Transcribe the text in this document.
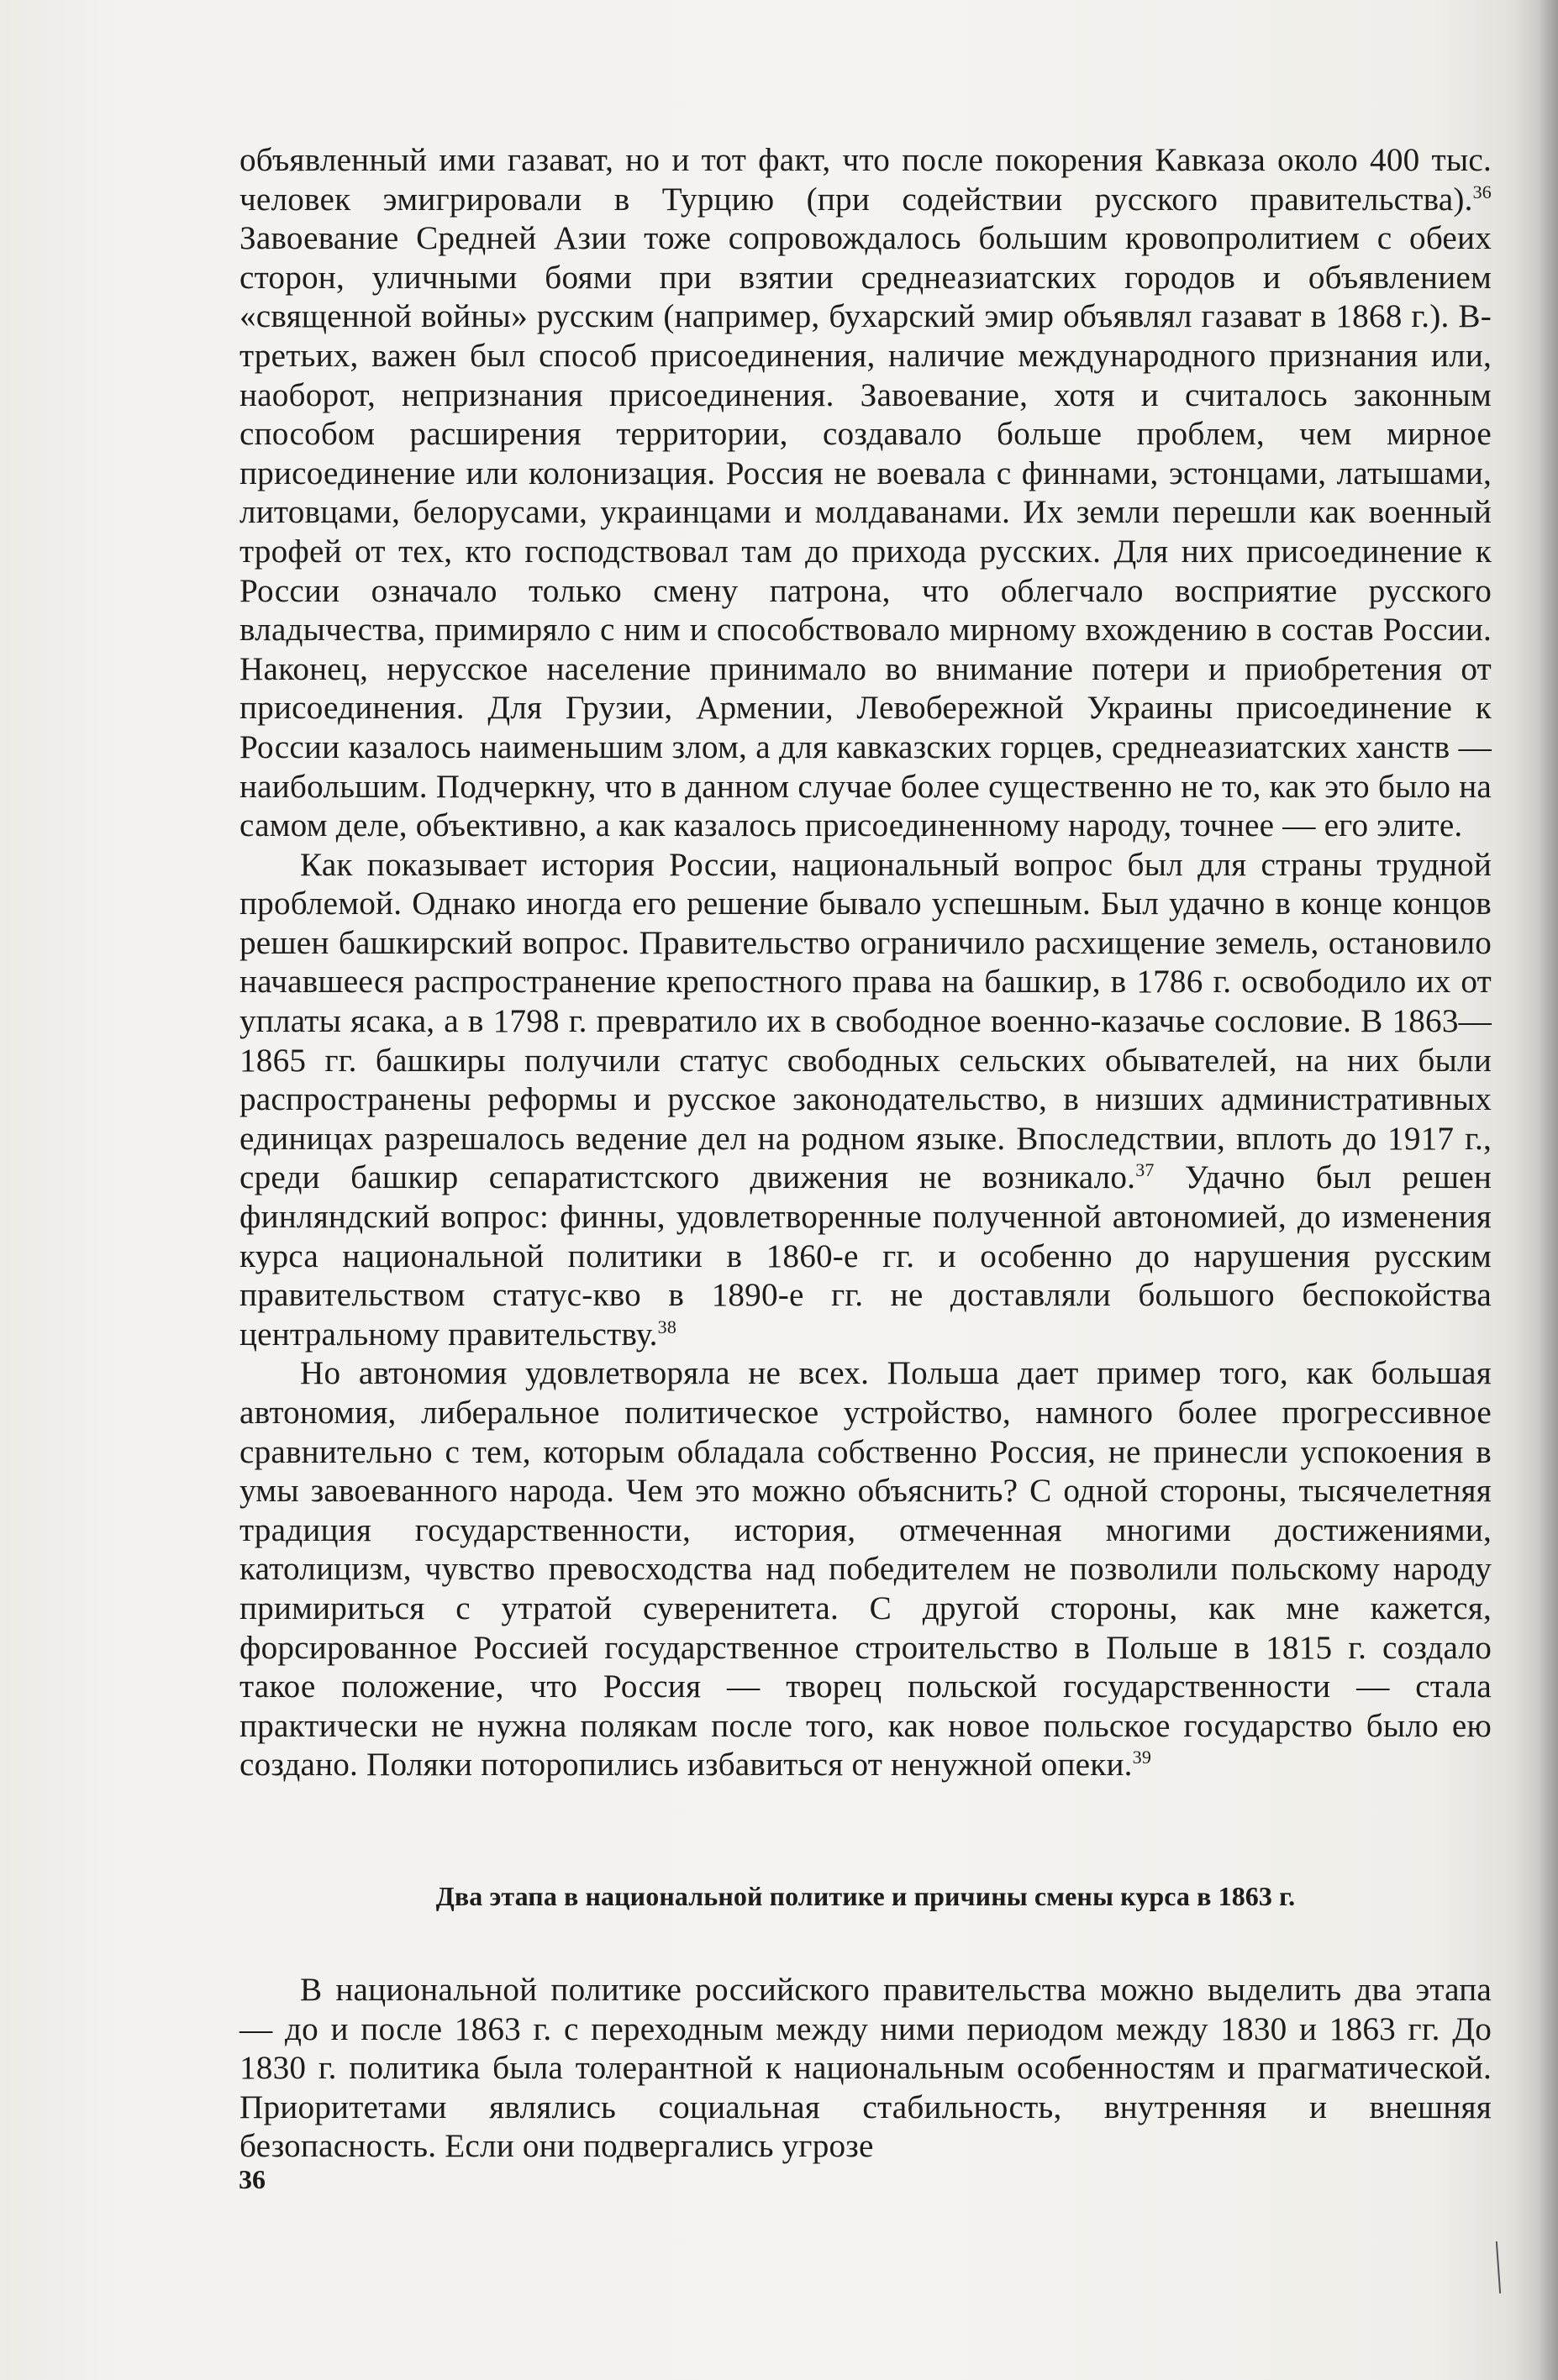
объявленный ими газават, но и тот факт, что после покорения Кавказа около 400 тыс. человек эмигрировали в Турцию (при содействии русского правительства).$^{36}$ Завоевание Средней Азии тоже сопровождалось большим кровопролитием с обеих сторон, уличными боями при взятии среднеазиатских городов и объявлением «священной войны» русским (например, бухарский эмир объявлял газават в 1868 г.). В-третьих, важен был способ присоединения, наличие международного признания или, наоборот, непризнания присоединения. Завоевание, хотя и считалось законным способом расширения территории, создавало больше проблем, чем мирное присоединение или колонизация. Россия не воевала с финнами, эстонцами, латышами, литовцами, белорусами, украинцами и молдаванами. Их земли перешли как военный трофей от тех, кто господствовал там до прихода русских. Для них присоединение к России означало только смену патрона, что облегчало восприятие русского владычества, примиряло с ним и способствовало мирному вхождению в состав России. Наконец, нерусское население принимало во внимание потери и приобретения от присоединения. Для Грузии, Армении, Левобережной Украины присоединение к России казалось наименьшим злом, а для кавказских горцев, среднеазиатских ханств — наибольшим. Подчеркну, что в данном случае более существенно не то, как это было на самом деле, объективно, а как казалось присоединенному народу, точнее — его элите.

Как показывает история России, национальный вопрос был для страны трудной проблемой. Однако иногда его решение бывало успешным. Был удачно в конце концов решен башкирский вопрос. Правительство ограничило расхищение земель, остановило начавшееся распространение крепостного права на башкир, в 1786 г. освободило их от уплаты ясака, а в 1798 г. превратило их в свободное военно-казачье сословие. В 1863—1865 гг. башкиры получили статус свободных сельских обывателей, на них были распространены реформы и русское законодательство, в низших административных единицах разрешалось ведение дел на родном языке. Впоследствии, вплоть до 1917 г., среди башкир сепаратистского движения не возникало.$^{37}$ Удачно был решен финляндский вопрос: финны, удовлетворенные полученной автономией, до изменения курса национальной политики в 1860-е гг. и особенно до нарушения русским правительством статус-кво в 1890-е гг. не доставляли большого беспокойства центральному правительству.$^{38}$

Но автономия удовлетворяла не всех. Польша дает пример того, как большая автономия, либеральное политическое устройство, намного более прогрессивное сравнительно с тем, которым обладала собственно Россия, не принесли успокоения в умы завоеванного народа. Чем это можно объяснить? С одной стороны, тысячелетняя традиция государственности, история, отмеченная многими достижениями, католицизм, чувство превосходства над победителем не позволили польскому народу примириться с утратой суверенитета. С другой стороны, как мне кажется, форсированное Россией государственное строительство в Польше в 1815 г. создало такое положение, что Россия — творец польской государственности — стала практически не нужна полякам после того, как новое польское государство было ею создано. Поляки поторопились избавиться от ненужной опеки.$^{39}$

Два этапа в национальной политике и причины смены курса в 1863 г.

В национальной политике российского правительства можно выделить два этапа — до и после 1863 г. с переходным между ними периодом между 1830 и 1863 гг. До 1830 г. политика была толерантной к национальным особенностям и прагматической. Приоритетами являлись социальная стабильность, внутренняя и внешняя безопасность. Если они подвергались угрозе

36
